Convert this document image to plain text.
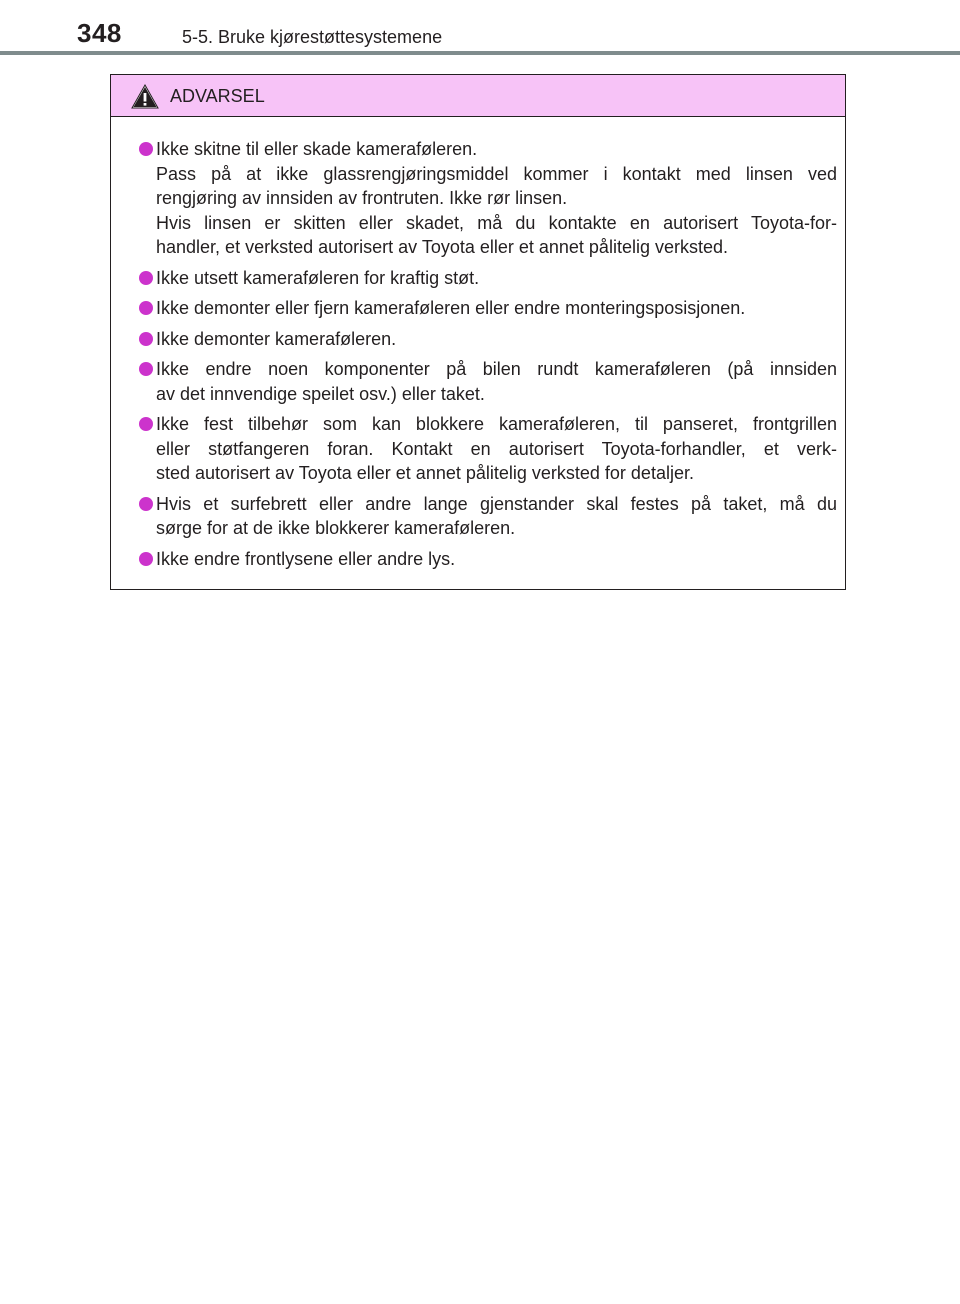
348	5-5. Bruke kjørestøttesystemene
ADVARSEL
Ikke skitne til eller skade kameraføleren.
Pass på at ikke glassrengjøringsmiddel kommer i kontakt med linsen ved
rengjøring av innsiden av frontruten. Ikke rør linsen.
Hvis linsen er skitten eller skadet, må du kontakte en autorisert Toyota-for-
handler, et verksted autorisert av Toyota eller et annet pålitelig verksted.
Ikke utsett kameraføleren for kraftig støt.
Ikke demonter eller fjern kameraføleren eller endre monteringsposisjonen.
Ikke demonter kameraføleren.
Ikke endre noen komponenter på bilen rundt kameraføleren (på innsiden
av det innvendige speilet osv.) eller taket.
Ikke fest tilbehør som kan blokkere kameraføleren, til panseret, frontgrillen
eller støtfangeren foran. Kontakt en autorisert Toyota-forhandler, et verk-
sted autorisert av Toyota eller et annet pålitelig verksted for detaljer.
Hvis et surfebrett eller andre lange gjenstander skal festes på taket, må du
sørge for at de ikke blokkerer kameraføleren.
Ikke endre frontlysene eller andre lys.
